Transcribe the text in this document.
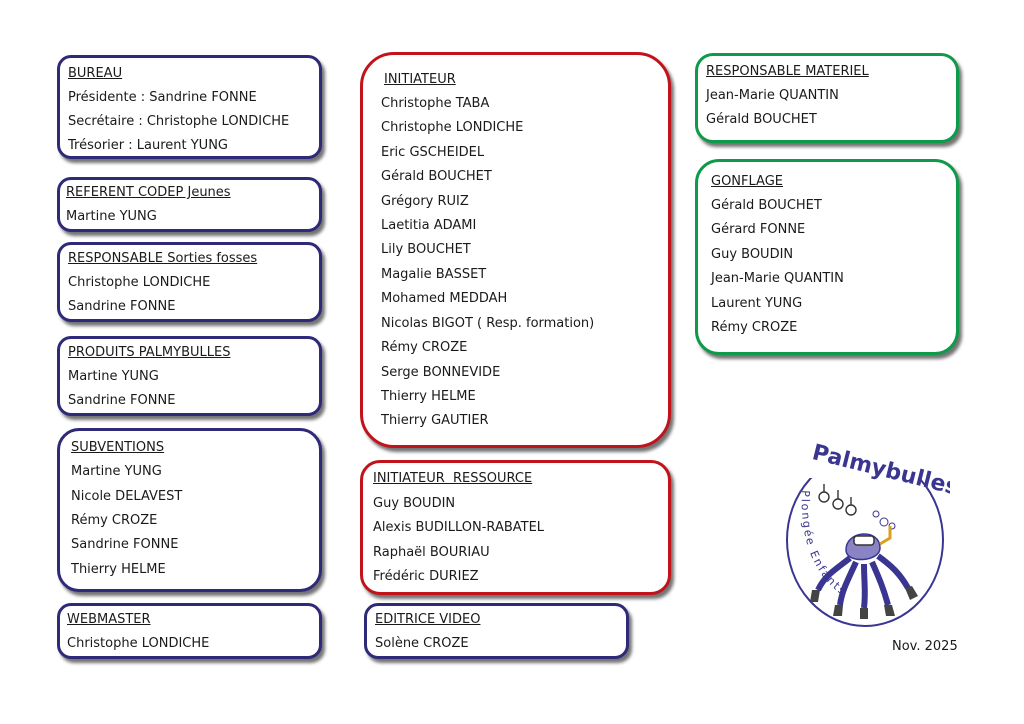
BUREAU
Présidente : Sandrine FONNE
Secrétaire : Christophe LONDICHE
Trésorier : Laurent YUNG
REFERENT CODEP Jeunes
Martine YUNG
RESPONSABLE Sorties fosses
Christophe LONDICHE
Sandrine FONNE
PRODUITS PALMYBULLES
Martine YUNG
Sandrine FONNE
SUBVENTIONS
Martine YUNG
Nicole DELAVEST
Rémy CROZE
Sandrine FONNE
Thierry HELME
WEBMASTER
Christophe LONDICHE
INITIATEUR
Christophe TABA
Christophe LONDICHE
Eric GSCHEIDEL
Gérald BOUCHET
Grégory RUIZ
Laetitia ADAMI
Lily BOUCHET
Magalie BASSET
Mohamed MEDDAH
Nicolas BIGOT ( Resp. formation)
Rémy CROZE
Serge BONNEVIDE
Thierry HELME
Thierry GAUTIER
INITIATEUR  RESSOURCE
Guy BOUDIN
Alexis BUDILLON-RABATEL
Raphaël BOURIAU
Frédéric DURIEZ
EDITRICE VIDEO
Solène CROZE
RESPONSABLE MATERIEL
Jean-Marie QUANTIN
Gérald BOUCHET
GONFLAGE
Gérald BOUCHET
Gérard FONNE
Guy BOUDIN
Jean-Marie QUANTIN
Laurent YUNG
Rémy CROZE
Palmybulles
Plongée Enfants
Nov. 2025
